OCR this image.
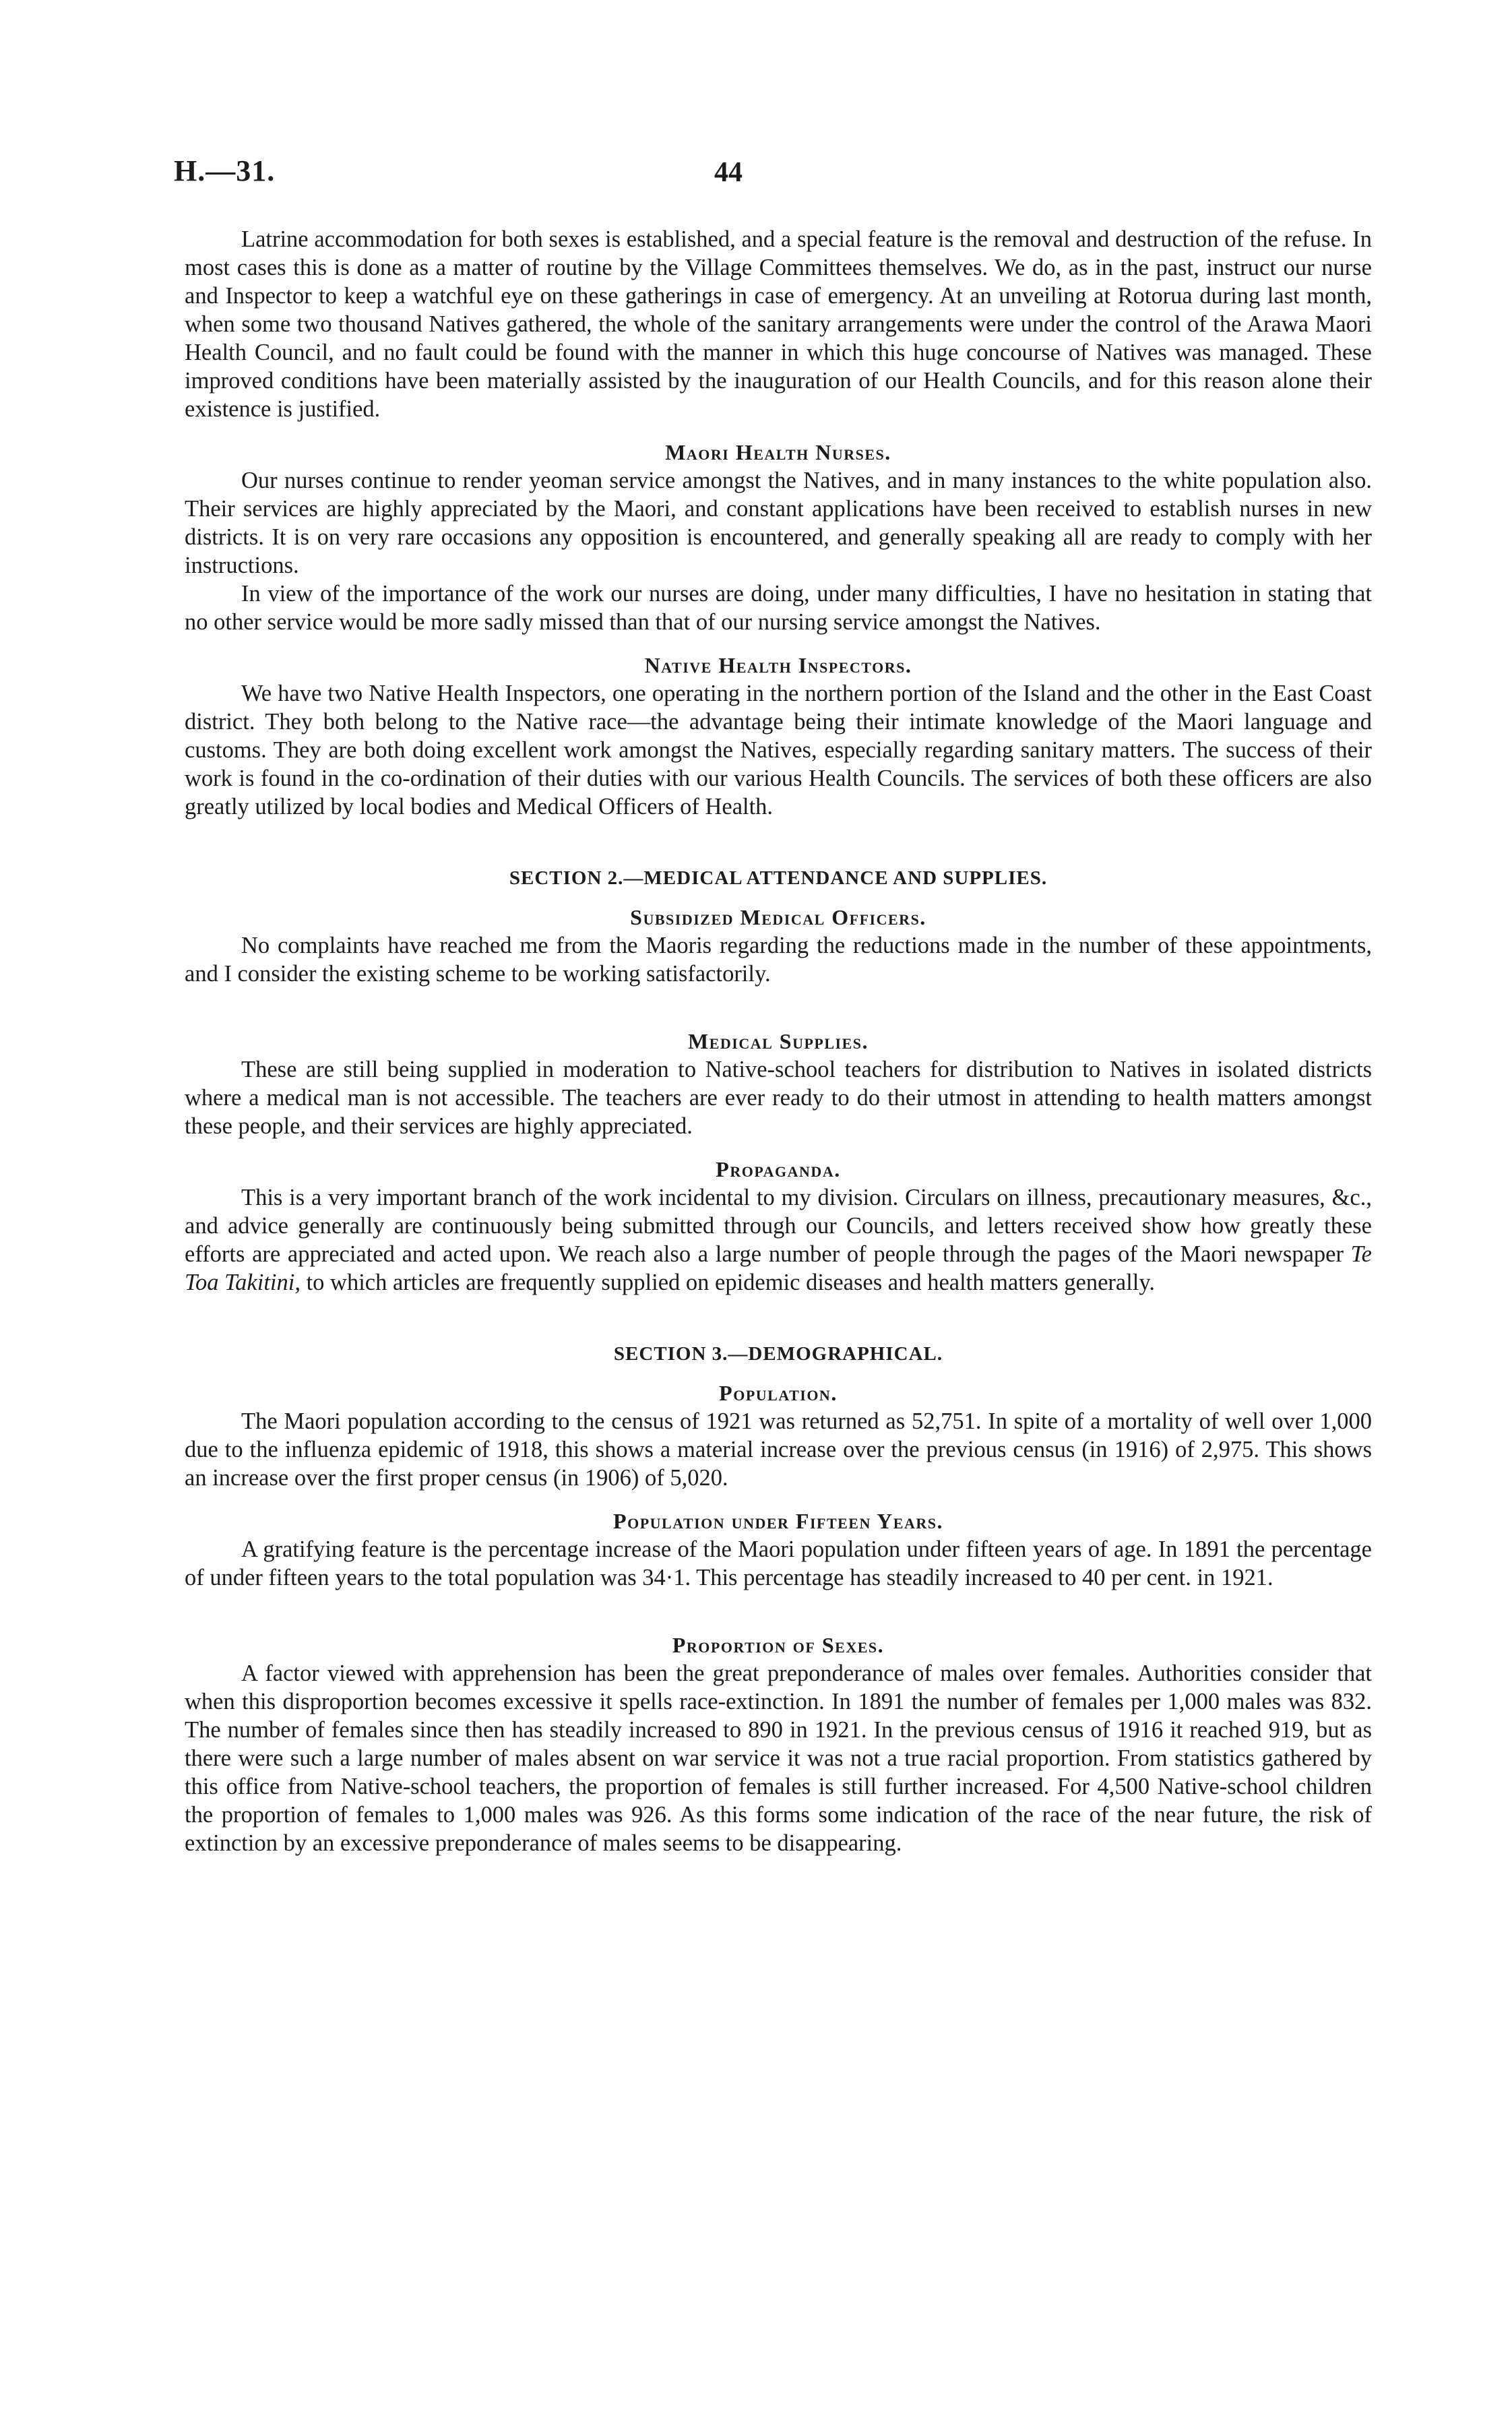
H.—31.	44

Latrine accommodation for both sexes is established, and a special feature is the removal and destruction of the refuse. In most cases this is done as a matter of routine by the Village Committees themselves. We do, as in the past, instruct our nurse and Inspector to keep a watchful eye on these gatherings in case of emergency. At an unveiling at Rotorua during last month, when some two thousand Natives gathered, the whole of the sanitary arrangements were under the control of the Arawa Maori Health Council, and no fault could be found with the manner in which this huge concourse of Natives was managed. These improved conditions have been materially assisted by the inauguration of our Health Councils, and for this reason alone their existence is justified.

Maori Health Nurses.

Our nurses continue to render yeoman service amongst the Natives, and in many instances to the white population also. Their services are highly appreciated by the Maori, and constant applications have been received to establish nurses in new districts. It is on very rare occasions any opposition is encountered, and generally speaking all are ready to comply with her instructions.

In view of the importance of the work our nurses are doing, under many difficulties, I have no hesitation in stating that no other service would be more sadly missed than that of our nursing service amongst the Natives.

Native Health Inspectors.

We have two Native Health Inspectors, one operating in the northern portion of the Island and the other in the East Coast district. They both belong to the Native race—the advantage being their intimate knowledge of the Maori language and customs. They are both doing excellent work amongst the Natives, especially regarding sanitary matters. The success of their work is found in the co-ordination of their duties with our various Health Councils. The services of both these officers are also greatly utilized by local bodies and Medical Officers of Health.

SECTION 2.—MEDICAL ATTENDANCE AND SUPPLIES.
Subsidized Medical Officers.

No complaints have reached me from the Maoris regarding the reductions made in the number of these appointments, and I consider the existing scheme to be working satisfactorily.

Medical Supplies.

These are still being supplied in moderation to Native-school teachers for distribution to Natives in isolated districts where a medical man is not accessible. The teachers are ever ready to do their utmost in attending to health matters amongst these people, and their services are highly appreciated.

Propaganda.

This is a very important branch of the work incidental to my division. Circulars on illness, precautionary measures, &c., and advice generally are continuously being submitted through our Councils, and letters received show how greatly these efforts are appreciated and acted upon. We reach also a large number of people through the pages of the Maori newspaper Te Toa Takitini, to which articles are frequently supplied on epidemic diseases and health matters generally.

SECTION 3.—DEMOGRAPHICAL.
Population.

The Maori population according to the census of 1921 was returned as 52,751. In spite of a mortality of well over 1,000 due to the influenza epidemic of 1918, this shows a material increase over the previous census (in 1916) of 2,975. This shows an increase over the first proper census (in 1906) of 5,020.

Population under Fifteen Years.

A gratifying feature is the percentage increase of the Maori population under fifteen years of age. In 1891 the percentage of under fifteen years to the total population was 34·1. This percentage has steadily increased to 40 per cent. in 1921.

Proportion of Sexes.

A factor viewed with apprehension has been the great preponderance of males over females. Authorities consider that when this disproportion becomes excessive it spells race-extinction. In 1891 the number of females per 1,000 males was 832. The number of females since then has steadily increased to 890 in 1921. In the previous census of 1916 it reached 919, but as there were such a large number of males absent on war service it was not a true racial proportion. From statistics gathered by this office from Native-school teachers, the proportion of females is still further increased. For 4,500 Native-school children the proportion of females to 1,000 males was 926. As this forms some indication of the race of the near future, the risk of extinction by an excessive preponderance of males seems to be disappearing.
